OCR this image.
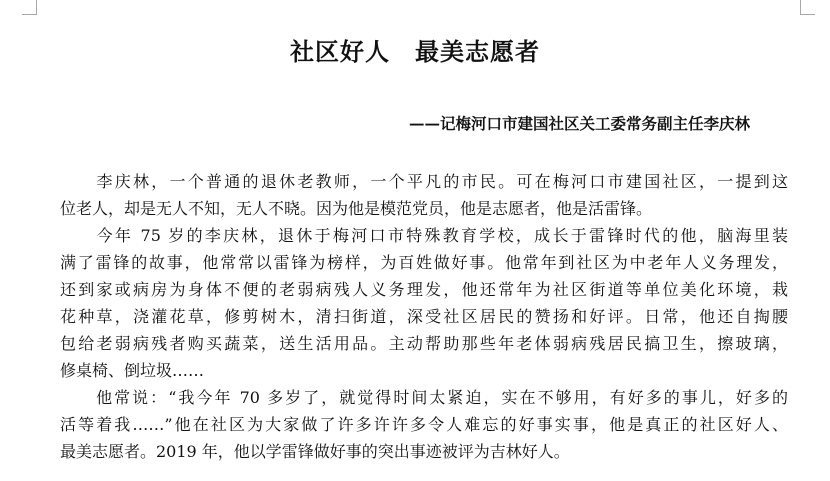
社区好人　最美志愿者
——记梅河口市建国社区关工委常务副主任李庆林
　　李庆林，一个普通的退休老教师，一个平凡的市民。可在梅河口市建国社区，一提到这
位老人，却是无人不知，无人不晓。因为他是模范党员，他是志愿者，他是活雷锋。
　　今年 75 岁的李庆林，退休于梅河口市特殊教育学校，成长于雷锋时代的他，脑海里装
满了雷锋的故事，他常常以雷锋为榜样，为百姓做好事。他常年到社区为中老年人义务理发，
还到家或病房为身体不便的老弱病残人义务理发，他还常年为社区街道等单位美化环境，栽
花种草，浇灌花草，修剪树木，清扫街道，深受社区居民的赞扬和好评。日常，他还自掏腰
包给老弱病残者购买蔬菜，送生活用品。主动帮助那些年老体弱病残居民搞卫生，擦玻璃，
修桌椅、倒垃圾……
　　他常说：“我今年 70 多岁了，就觉得时间太紧迫，实在不够用，有好多的事儿，好多的
活等着我……”他在社区为大家做了许多许许多令人难忘的好事实事，他是真正的社区好人、
最美志愿者。2019 年，他以学雷锋做好事的突出事迹被评为吉林好人。
